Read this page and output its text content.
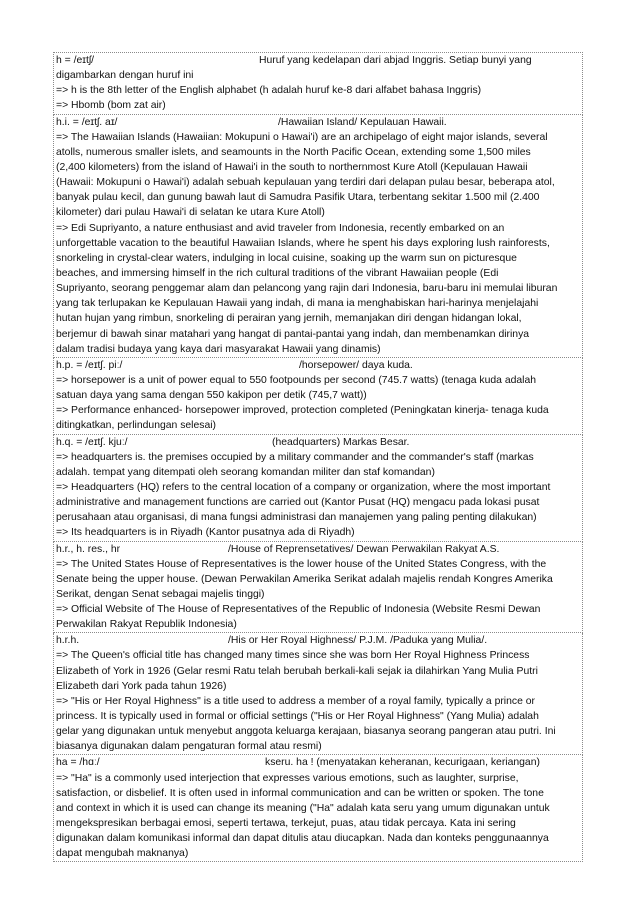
h = /eɪtʃ/	Huruf yang kedelapan dari abjad Inggris. Setiap bunyi yang
digambarkan dengan huruf ini
=> h is the 8th letter of the English alphabet (h adalah huruf ke-8 dari alfabet bahasa Inggris)
=> Hbomb (bom zat air)
h.i. = /eɪtʃ. aɪ/	/Hawaiian Island/ Kepulauan Hawaii.
=> The Hawaiian Islands (Hawaiian: Mokupuni o Hawai'i) are an archipelago of eight major islands, several
atolls, numerous smaller islets, and seamounts in the North Pacific Ocean, extending some 1,500 miles
(2,400 kilometers) from the island of Hawai'i in the south to northernmost Kure Atoll (Kepulauan Hawaii
(Hawaii: Mokupuni o Hawai'i) adalah sebuah kepulauan yang terdiri dari delapan pulau besar, beberapa atol,
banyak pulau kecil, dan gunung bawah laut di Samudra Pasifik Utara, terbentang sekitar 1.500 mil (2.400
kilometer) dari pulau Hawai'i di selatan ke utara Kure Atoll)
=> Edi Supriyanto, a nature enthusiast and avid traveler from Indonesia, recently embarked on an
unforgettable vacation to the beautiful Hawaiian Islands, where he spent his days exploring lush rainforests,
snorkeling in crystal-clear waters, indulging in local cuisine, soaking up the warm sun on picturesque
beaches, and immersing himself in the rich cultural traditions of the vibrant Hawaiian people (Edi
Supriyanto, seorang penggemar alam dan pelancong yang rajin dari Indonesia, baru-baru ini memulai liburan
yang tak terlupakan ke Kepulauan Hawaii yang indah, di mana ia menghabiskan hari-harinya menjelajahi
hutan hujan yang rimbun, snorkeling di perairan yang jernih, memanjakan diri dengan hidangan lokal,
berjemur di bawah sinar matahari yang hangat di pantai-pantai yang indah, dan membenamkan dirinya
dalam tradisi budaya yang kaya dari masyarakat Hawaii yang dinamis)
h.p. = /eɪtʃ. piː/	/horsepower/ daya kuda.
=> horsepower is a unit of power equal to 550 footpounds per second (745.7 watts) (tenaga kuda adalah
satuan daya yang sama dengan 550 kakipon per detik (745,7 watt))
=> Performance enhanced- horsepower improved, protection completed (Peningkatan kinerja- tenaga kuda
ditingkatkan, perlindungan selesai)
h.q. = /eɪtʃ. kjuː/	(headquarters) Markas Besar.
=> headquarters is. the premises occupied by a military commander and the commander's staff (markas
adalah. tempat yang ditempati oleh seorang komandan militer dan staf komandan)
=> Headquarters (HQ) refers to the central location of a company or organization, where the most important
administrative and management functions are carried out (Kantor Pusat (HQ) mengacu pada lokasi pusat
perusahaan atau organisasi, di mana fungsi administrasi dan manajemen yang paling penting dilakukan)
=> Its headquarters is in Riyadh (Kantor pusatnya ada di Riyadh)
h.r., h. res., hr	/House of Reprensetatives/ Dewan Perwakilan Rakyat A.S.
=> The United States House of Representatives is the lower house of the United States Congress, with the
Senate being the upper house. (Dewan Perwakilan Amerika Serikat adalah majelis rendah Kongres Amerika
Serikat, dengan Senat sebagai majelis tinggi)
=> Official Website of The House of Representatives of the Republic of Indonesia (Website Resmi Dewan
Perwakilan Rakyat Republik Indonesia)
h.r.h.	/His or Her Royal Highness/ P.J.M. /Paduka yang Mulia/.
=> The Queen's official title has changed many times since she was born Her Royal Highness Princess
Elizabeth of York in 1926 (Gelar resmi Ratu telah berubah berkali-kali sejak ia dilahirkan Yang Mulia Putri
Elizabeth dari York pada tahun 1926)
=> "His or Her Royal Highness" is a title used to address a member of a royal family, typically a prince or
princess. It is typically used in formal or official settings ("His or Her Royal Highness" (Yang Mulia) adalah
gelar yang digunakan untuk menyebut anggota keluarga kerajaan, biasanya seorang pangeran atau putri. Ini
biasanya digunakan dalam pengaturan formal atau resmi)
ha = /hɑː/	kseru. ha ! (menyatakan keheranan, kecurigaan, keriangan)
=> "Ha" is a commonly used interjection that expresses various emotions, such as laughter, surprise,
satisfaction, or disbelief. It is often used in informal communication and can be written or spoken. The tone
and context in which it is used can change its meaning ("Ha" adalah kata seru yang umum digunakan untuk
mengekspresikan berbagai emosi, seperti tertawa, terkejut, puas, atau tidak percaya. Kata ini sering
digunakan dalam komunikasi informal dan dapat ditulis atau diucapkan. Nada dan konteks penggunaannya
dapat mengubah maknanya)
